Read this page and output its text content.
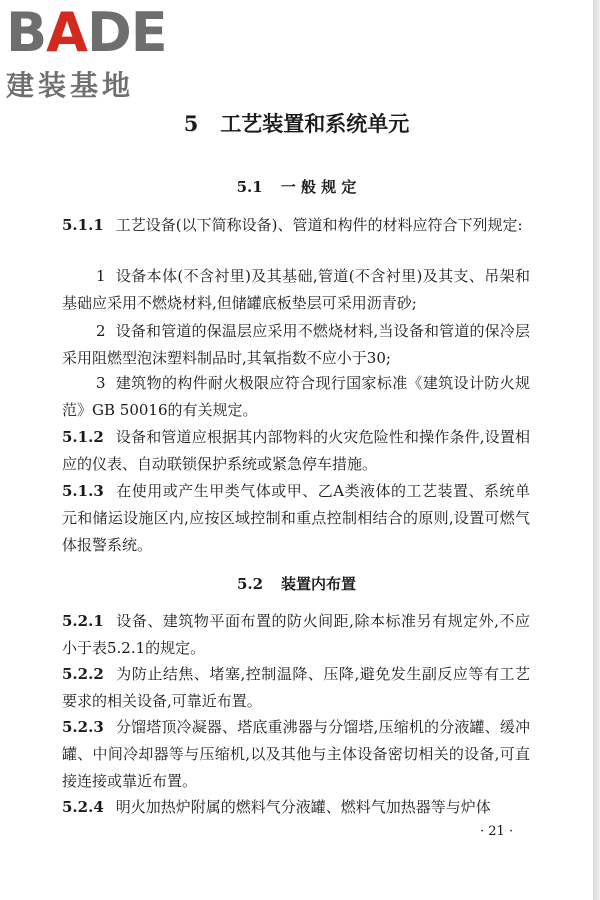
B A DE
建装基地
5 工艺装置和系统单元
5.1 一 般 规 定
5.1.1 工艺设备(以下简称设备)、管道和构件的材料应符合下列规定:
1 设备本体(不含衬里)及其基础,管道(不含衬里)及其支、吊架和基础应采用不燃烧材料,但储罐底板垫层可采用沥青砂;
2 设备和管道的保温层应采用不燃烧材料,当设备和管道的保冷层采用阻燃型泡沫塑料制品时,其氧指数不应小于30;
3 建筑物的构件耐火极限应符合现行国家标准《建筑设计防火规范》GB 50016的有关规定。
5.1.2 设备和管道应根据其内部物料的火灾危险性和操作条件,设置相应的仪表、自动联锁保护系统或紧急停车措施。
5.1.3 在使用或产生甲类气体或甲、乙A类液体的工艺装置、系统单元和储运设施区内,应按区域控制和重点控制相结合的原则,设置可燃气体报警系统。
5.2 装置内布置
5.2.1 设备、建筑物平面布置的防火间距,除本标准另有规定外,不应小于表5.2.1的规定。
5.2.2 为防止结焦、堵塞,控制温降、压降,避免发生副反应等有工艺要求的相关设备,可靠近布置。
5.2.3 分馏塔顶冷凝器、塔底重沸器与分馏塔,压缩机的分液罐、缓冲罐、中间冷却器等与压缩机,以及其他与主体设备密切相关的设备,可直接连接或靠近布置。
5.2.4 明火加热炉附属的燃料气分液罐、燃料气加热器等与炉体
· 21 ·
